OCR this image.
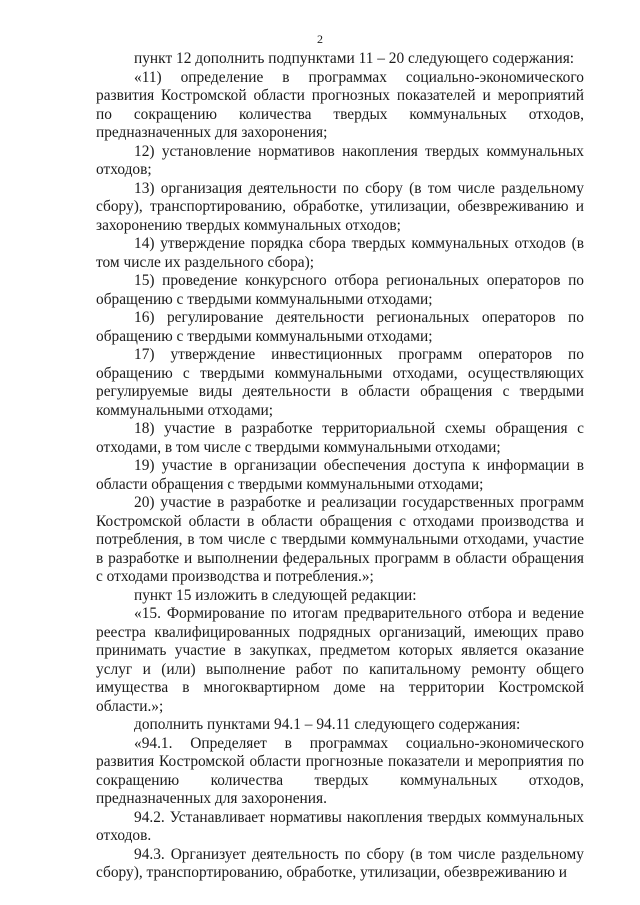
2

пункт 12 дополнить подпунктами 11 – 20 следующего содержания:

«11) определение в программах социально-экономического развития Костромской области прогнозных показателей и мероприятий по сокращению количества твердых коммунальных отходов, предназначенных для захоронения;

12) установление нормативов накопления твердых коммунальных отходов;

13) организация деятельности по сбору (в том числе раздельному сбору), транспортированию, обработке, утилизации, обезвреживанию и захоронению твердых коммунальных отходов;

14) утверждение порядка сбора твердых коммунальных отходов (в том числе их раздельного сбора);

15) проведение конкурсного отбора региональных операторов по обращению с твердыми коммунальными отходами;

16) регулирование деятельности региональных операторов по обращению с твердыми коммунальными отходами;

17) утверждение инвестиционных программ операторов по обращению с твердыми коммунальными отходами, осуществляющих регулируемые виды деятельности в области обращения с твердыми коммунальными отходами;

18) участие в разработке территориальной схемы обращения с отходами, в том числе с твердыми коммунальными отходами;

19) участие в организации обеспечения доступа к информации в области обращения с твердыми коммунальными отходами;

20) участие в разработке и реализации государственных программ Костромской области в области обращения с отходами производства и потребления, в том числе с твердыми коммунальными отходами, участие в разработке и выполнении федеральных программ в области обращения с отходами производства и потребления.»;

пункт 15 изложить в следующей редакции:

«15. Формирование по итогам предварительного отбора и ведение реестра квалифицированных подрядных организаций, имеющих право принимать участие в закупках, предметом которых является оказание услуг и (или) выполнение работ по капитальному ремонту общего имущества в многоквартирном доме на территории Костромской области.»;

дополнить пунктами 94.1 – 94.11 следующего содержания:

«94.1. Определяет в программах социально-экономического развития Костромской области прогнозные показатели и мероприятия по сокращению количества твердых коммунальных отходов, предназначенных для захоронения.

94.2. Устанавливает нормативы накопления твердых коммунальных отходов.

94.3. Организует деятельность по сбору (в том числе раздельному сбору), транспортированию, обработке, утилизации, обезвреживанию и
